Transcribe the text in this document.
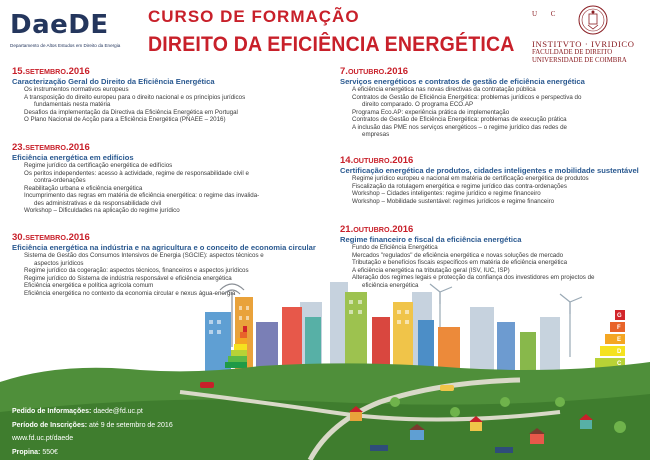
DaeDE
Departamento de Altos Estudos em Direito da Energia
CURSO DE FORMAÇÃO
DIREITO DA EFICIÊNCIA ENERGÉTICA
U C
INSTITVTO · IVRIDICO
FACULDADE DE DIREITO
UNIVERSIDADE DE COIMBRA
15.SETEMBRO.2016
Caracterização Geral do Direito da Eficiência Energética
Os instrumentos normativos europeus
A transposição do direito europeu para o direito nacional e os princípios jurídicos
fundamentais nesta matéria
Desafios da implementação da Directiva da Eficiência Energética em Portugal
O Plano Nacional de Acção para a Eficiência Energética (PNAEE – 2016)
23.SETEMBRO.2016
Eficiência energética em edifícios
Regime jurídico da certificação energética de edifícios
Os peritos independentes: acesso à actividade, regime de responsabilidade civil e
contra-ordenações
Reabilitação urbana e eficiência energética
Incumprimento das regras em matéria de eficiência energética: o regime das invalida-
des administrativas e da responsabilidade civil
Workshop – Dificuldades na aplicação do regime jurídico
30.SETEMBRO.2016
Eficiência energética na indústria e na agricultura e o conceito de economia circular
Sistema de Gestão dos Consumos Intensivos de Energia (SGCIE): aspectos técnicos e
aspectos jurídicos
Regime jurídico da cogeração: aspectos técnicos, financeiros e aspectos jurídicos
Regime jurídico do Sistema de indústria responsável e eficiência energética
Eficiência energética e política agrícola comum
Eficiência energética no contexto da economia circular e nexus água-energia
7.OUTUBRO.2016
Serviços energéticos e contratos de gestão de eficiência energética
A eficiência energética nas novas directivas da contratação pública
Contratos de Gestão de Eficiência Energética: problemas jurídicos e perspectiva do
direito comparado. O programa ECO.AP
Programa Eco.AP: experiência prática de implementação
Contratos de Gestão de Eficiência Energética: problemas de execução prática
A inclusão das PME nos serviços energéticos – o regime jurídico das redes de
empresas
14.OUTUBRO.2016
Certificação energética de produtos, cidades inteligentes e mobilidade sustentável
Regime jurídico europeu e nacional em matéria de certificação energética de produtos
Fiscalização da rotulagem energética e regime jurídico das contra-ordenações
Workshop – Cidades inteligentes: regime jurídico e regime financeiro
Workshop – Mobilidade sustentável: regimes jurídicos e regime financeiro
21.OUTUBRO.2016
Regime financeiro e fiscal da eficiência energética
Fundo de Eficiência Energética
Mercados "regulados" de eficiência energética e novas soluções de mercado
Tributação e benefícios fiscais específicos em matéria de eficiência energética
A eficiência energética na tributação geral (ISV, IUC, ISP)
Alteração dos regimes legais e protecção da confiança dos investidores em projectos de
eficiência energética
C
D
E
F
G
Pedido de Informações: daede@fd.uc.pt
Período de Inscrições: até 9 de setembro de 2016
www.fd.uc.pt/daede
Propina: 550€
